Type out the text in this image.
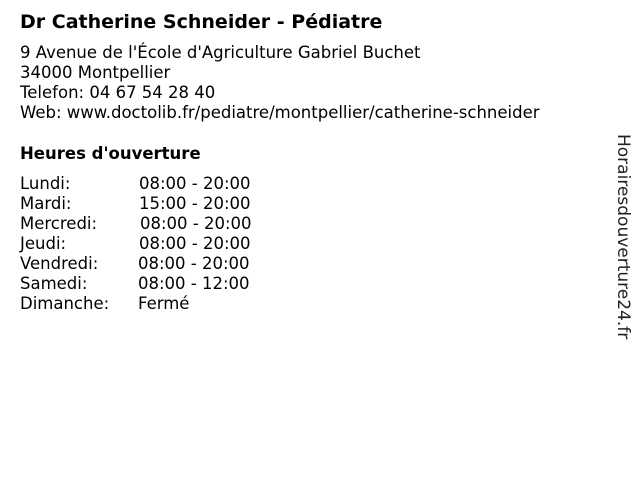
Dr Catherine Schneider - Pédiatre
9 Avenue de l'École d'Agriculture Gabriel Buchet
34000 Montpellier
Telefon: 04 67 54 28 40
Web: www.doctolib.fr/pediatre/montpellier/catherine-schneider
Heures d'ouverture
Lundi:	08:00 - 20:00
Mardi:	15:00 - 20:00
Mercredi:	08:00 - 20:00
Jeudi:	08:00 - 20:00
Vendredi: 08:00 - 20:00
Samedi:	08:00 - 12:00
Dimanche: Fermé	Horairesdouverture24.fr
